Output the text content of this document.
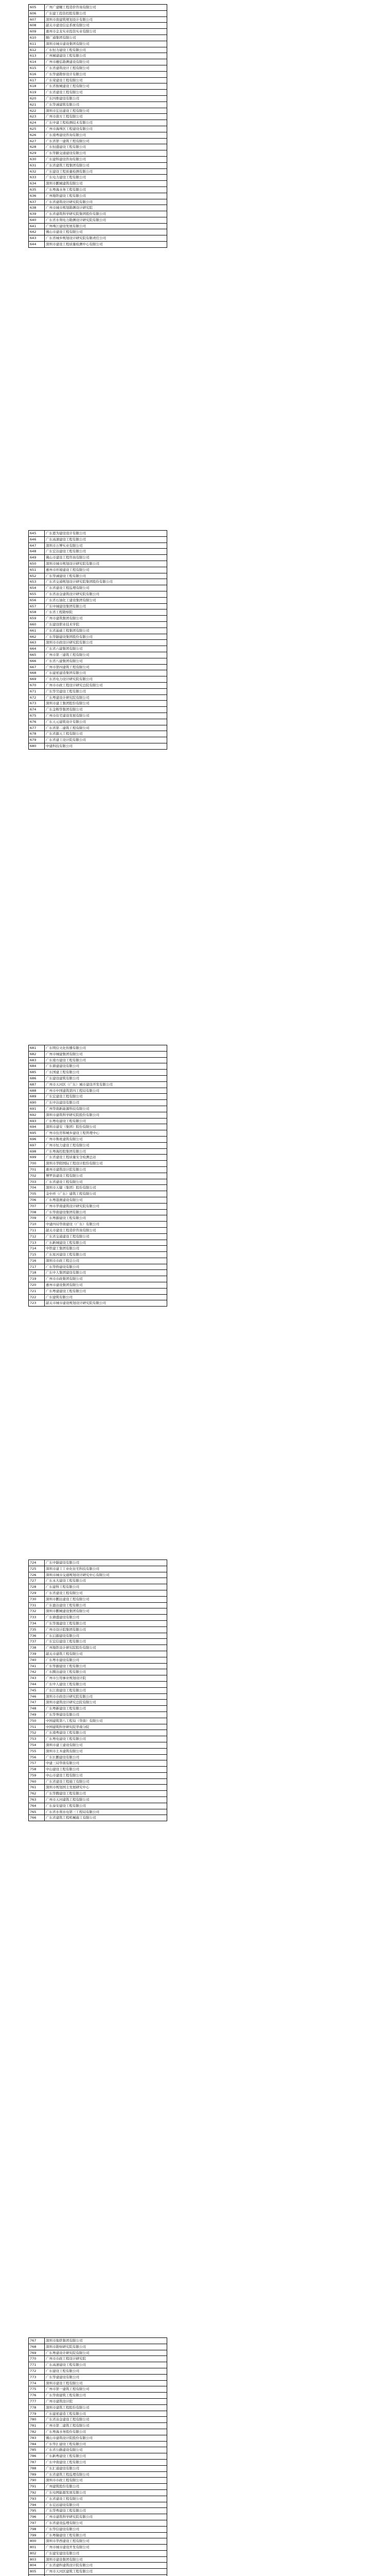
605	广州广建輔工程造价咨询有限公司
606	广东建工投资控股有限公司
607	深圳市南建筑规划设计有限公司
608	韶关市建设信息系统有限公司
609	惠州市金龙实业投资实业有限公司
610	顺广通集团有限公司
611	深圳市城市建设集团有限公司
612	广东恒力建设工程有限公司
613	广州城建建设工程有限公司
614	广州市穗弘勘测建设有限公司
615	广东省建筑设计工程有限公司
616	广东华建勘察设计有限公司
617	广东荣建设工程有限公司
618	广东省骏城建设工程有限公司
619	广东省建设工程有限公司
620	广东四维建设有限公司
621	广东华诚建筑有限公司
622	深圳市宏达建设工程有限公司
623	广州市南方工程有限公司
624	广东中建工程检测技术有限公司
625	广州市海珠区工程建设有限公司
626	广东南粤建设咨询有限公司
627	广东省第一建筑工程有限公司
628	广东恒盛建设工程有限公司
629	广东华路交通建设有限公司
630	广东建科建设咨询有限公司
631	广东省建筑工程集团有限公司
632	广东建设工程质量检测有限公司
633	广东电力建设工程有限公司
634	深圳市鹏城建筑有限公司
635	广东粤海水务工程有限公司
636	广州地铁建设工程有限公司
637	广东省建筑设计研究院有限公司
638	广州市城市规划勘测设计研究院
639	广东省建筑科学研究院集团股份有限公司
640	广东省水利电力勘测设计研究院有限公司
641	广州珠江建设发展有限公司
642	佛山市建设工程有限公司
643	广东省城乡规划设计研究院有限责任公司
644	深圳市建设工程质量检测中心有限公司
645	广东恩为建设设计有限公司
646	广东高速建设工程有限公司
647	深圳市万博实业有限公司
648	广东宏达建设工程有限公司
649	佛山市建设工程咨询有限公司
650	深圳市城市规划设计研究院有限公司
651	惠州市环境建设工程有限公司
652	广东华诚建设工程有限公司
653	广东省交通规划设计研究院集团股份有限公司
654	广东省建设工程监理有限公司
655	广东省冶金建筑设计研究院有限公司
656	广东省石油化工建设集团有限公司
657	广东中城建设集团有限公司
658	广东省工程勘察院
659	广州市建筑集团有限公司
660	广东建设职业技术学院
661	广东省基础工程集团有限公司
662	广东华隧建设集团股份有限公司
663	深圳市市政设计研究院有限公司
664	广东省六建集团有限公司
665	广州市第三建筑工程有限公司
666	广东省八建集团有限公司
667	广州市第四建筑工程有限公司
668	广东建星建造集团有限公司
669	广东省电力设计研究院有限公司
670	广州市市政工程设计研究总院有限公司
671	广东华昊建设工程有限公司
672	广东粤建设计研究院有限公司
673	深圳市建工集团股份有限公司
674	广东金辉华集团有限公司
675	广州市住宅建设发展有限公司
676	广东天元建筑设计有限公司
677	广东省第二建筑工程有限公司
678	广东省源天工程有限公司
679	广东省建工设计院有限公司
680	中建科技有限公司
681	广东明信文化传播有限公司
682	广州市城建集团有限公司
683	广东南方建设工程有限公司
684	广东鼎建建设有限公司
685	广东国建工程有限公司
686	广东建设建筑有限公司
687	广州市天河区（广东）城市建设开发有限公司
688	广州市中国建筑第四工程局有限公司
689	广东宏建设工程有限公司
690	广东中达建设有限公司
691	广州华南新能源科技有限公司
692	深圳市建筑科学研究院股份有限公司
693	广东粤电建设工程有限公司
694	深圳市建安（集团）股份有限公司
695	广州市住房和城乡建设工程管理中心
696	广州市鲁班建筑有限公司
697	广州市恒力建设工程有限公司
698	广东粤海控股集团有限公司
699	广东省建设工程质量安全检测总站
700	深圳市华阳国际工程设计股份有限公司
701	惠州市建筑设计院有限公司
702	博罗县建设工程有限公司
703	广东省建设工程有限公司
704	深圳市天健（集团）股份有限公司
705	金中环（广东）建筑工程有限公司
706	广东粤港澳建设有限公司
707	广州市华南建筑设计研究院有限公司
708	广东华南建设集团有限公司
709	广东粤源建设工程有限公司
710	中建四局华南建设（广东）有限公司
711	韶关市建设工程造价咨询有限公司
712	广东省交通建设工程有限公司
713	广东新城建设工程有限公司
714	中铁建工集团有限公司
715	广东星河建设工程有限公司
716	深圳市市政工程总公司
717	广东华侨建设有限公司
718	广东中人集团建设有限公司
719	广州市市政集团有限公司
720	惠州市建设集团有限公司
721	广东粤建建设工程有限公司
722	广东建筑有限公司
723	韶关市城市建设规划设计研究院有限公司
724	广东中隧建设有限公司
725	深圳市建工工业化住宅科技有限公司
726	深圳市城市交通规划设计研究中心有限公司
727	广东永大建设工程有限公司
728	广东建科工程有限公司
729	广东省建设工程有限公司
730	深圳市鹏达建设工程有限公司
731	广东盈达建设工程有限公司
732	深圳市鹏城建设集团有限公司
733	广东鼎盛建设有限公司
734	广东华晟建设工程有限公司
735	广州市设计院集团有限公司
736	广东启源建设有限公司
737	广东宏信建设工程有限公司
738	广州地铁设计研究院股份有限公司
739	韶关市建筑工程有限公司
740	广东粤水建设有限公司
741	广东华源建设工程有限公司
742	广东腾达建设工程有限公司
743	广州市公用事业规划设计院
744	广东中人建设工程有限公司
745	广东江南建设工程有限公司
746	深圳市市政设计研究院有限公司
747	深圳市建筑设计研究总院有限公司
748	广东粤新建设工程有限公司
749	广东华誉建设有限公司
750	中国建筑第八工程局（华南）有限公司
751	中国建筑科学研究院华南分院
752	广东南粤建设工程有限公司
753	广东粤电建设工程有限公司
754	深圳市建工建设有限公司
755	深圳市土木建筑有限公司
756	广东长鹏建设有限公司
757	中建三局华南有限公司
758	中山建设工程有限公司
759	中山市建设工程有限公司
760	广东省建设工程施工有限公司
761	深圳市规划国土发展研究中心
762	广东华腾建设工程有限公司
763	广州市天河建筑工程有限公司
764	广东泰安建设工程有限公司
765	广东省水利水电第三工程局有限公司
766	广东省建筑工程机械施工有限公司
767	深圳市地铁集团有限公司
768	深圳市勘察研究院有限公司
769	广东粤建设计研究院有限公司
770	广州市市政工程设计研究院
771	广东高速建设工程有限公司
772	广东建设工程有限公司
773	广东华建建设有限公司
774	深圳市建设工程有限公司
775	广州市第一建筑工程有限公司
776	广东华南建筑工程有限公司
777	广州市建筑设计院
778	深圳市建筑工程股份有限公司
779	广东建星建造工程有限公司
780	广东省冶金建设工程有限公司
781	广州市第二建筑工程有限公司
782	广东粤海水务股份有限公司
783	佛山市建筑设计院股份有限公司
784	广东华汇建设工程有限公司
785	广东省公路建设有限公司
786	广东新粤建设工程有限公司
787	广东中南建设工程有限公司
788	广东汇通建设有限公司
789	广东省建筑工程监理有限公司
790	深圳市市政工程有限公司
791	广州建筑股份有限公司
792	广东电网能源发展有限公司
793	广东省建设工程有限公司
794	广东宏远建设有限公司
795	广东华粤建设工程有限公司
796	广州市建筑科学研究院有限公司
797	广东省建设监理有限公司
798	广东华信建设有限公司
799	广东粤隆建设工程有限公司
800	深圳市华西建设工程有限公司
801	广州市城市建设开发有限公司
802	广东建安建设有限公司
803	深圳市建设集团有限公司
804	广东省建科建筑设计院有限公司
805	广州市天河区建筑工程有限公司
